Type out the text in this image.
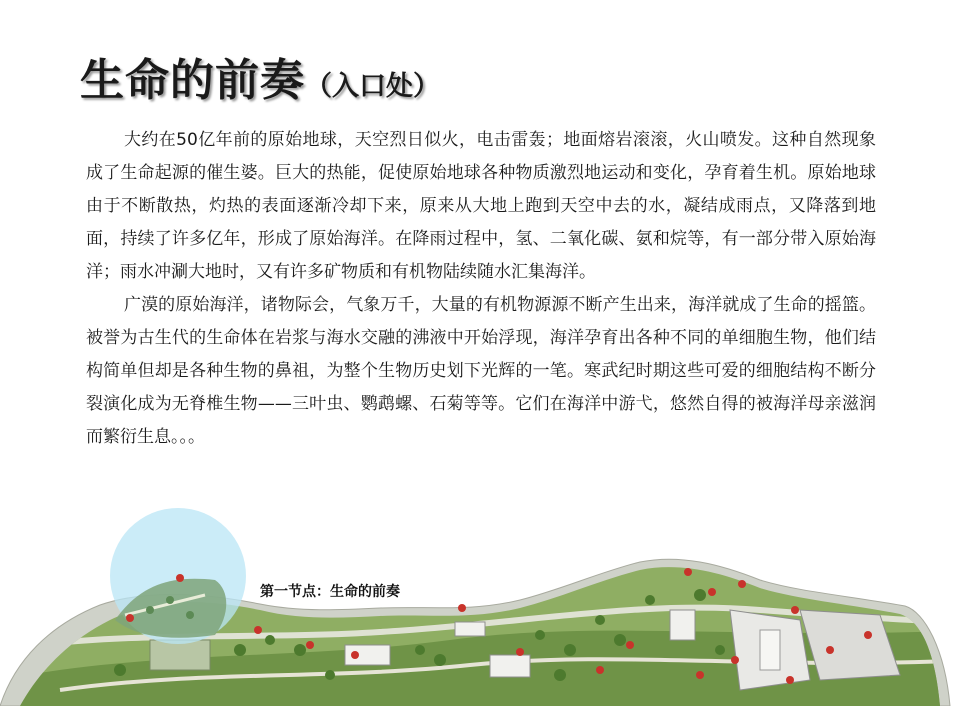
生命的前奏（入口处）

大约在50亿年前的原始地球，天空烈日似火，电击雷轰；地面熔岩滚滚，火山喷发。这种自然现象成了生命起源的催生婆。巨大的热能，促使原始地球各种物质激烈地运动和变化，孕育着生机。原始地球由于不断散热，灼热的表面逐渐冷却下来，原来从大地上跑到天空中去的水，凝结成雨点，又降落到地面，持续了许多亿年，形成了原始海洋。在降雨过程中，氢、二氧化碳、氨和烷等，有一部分带入原始海洋；雨水冲涮大地时，又有许多矿物质和有机物陆续随水汇集海洋。

广漠的原始海洋，诸物际会，气象万千，大量的有机物源源不断产生出来，海洋就成了生命的摇篮。被誉为古生代的生命体在岩浆与海水交融的沸液中开始浮现，海洋孕育出各种不同的单细胞生物，他们结构简单但却是各种生物的鼻祖，为整个生物历史划下光辉的一笔。寒武纪时期这些可爱的细胞结构不断分裂演化成为无脊椎生物——三叶虫、鹦鹉螺、石菊等等。它们在海洋中游弋，悠然自得的被海洋母亲滋润而繁衍生息。。。

第一节点：生命的前奏
